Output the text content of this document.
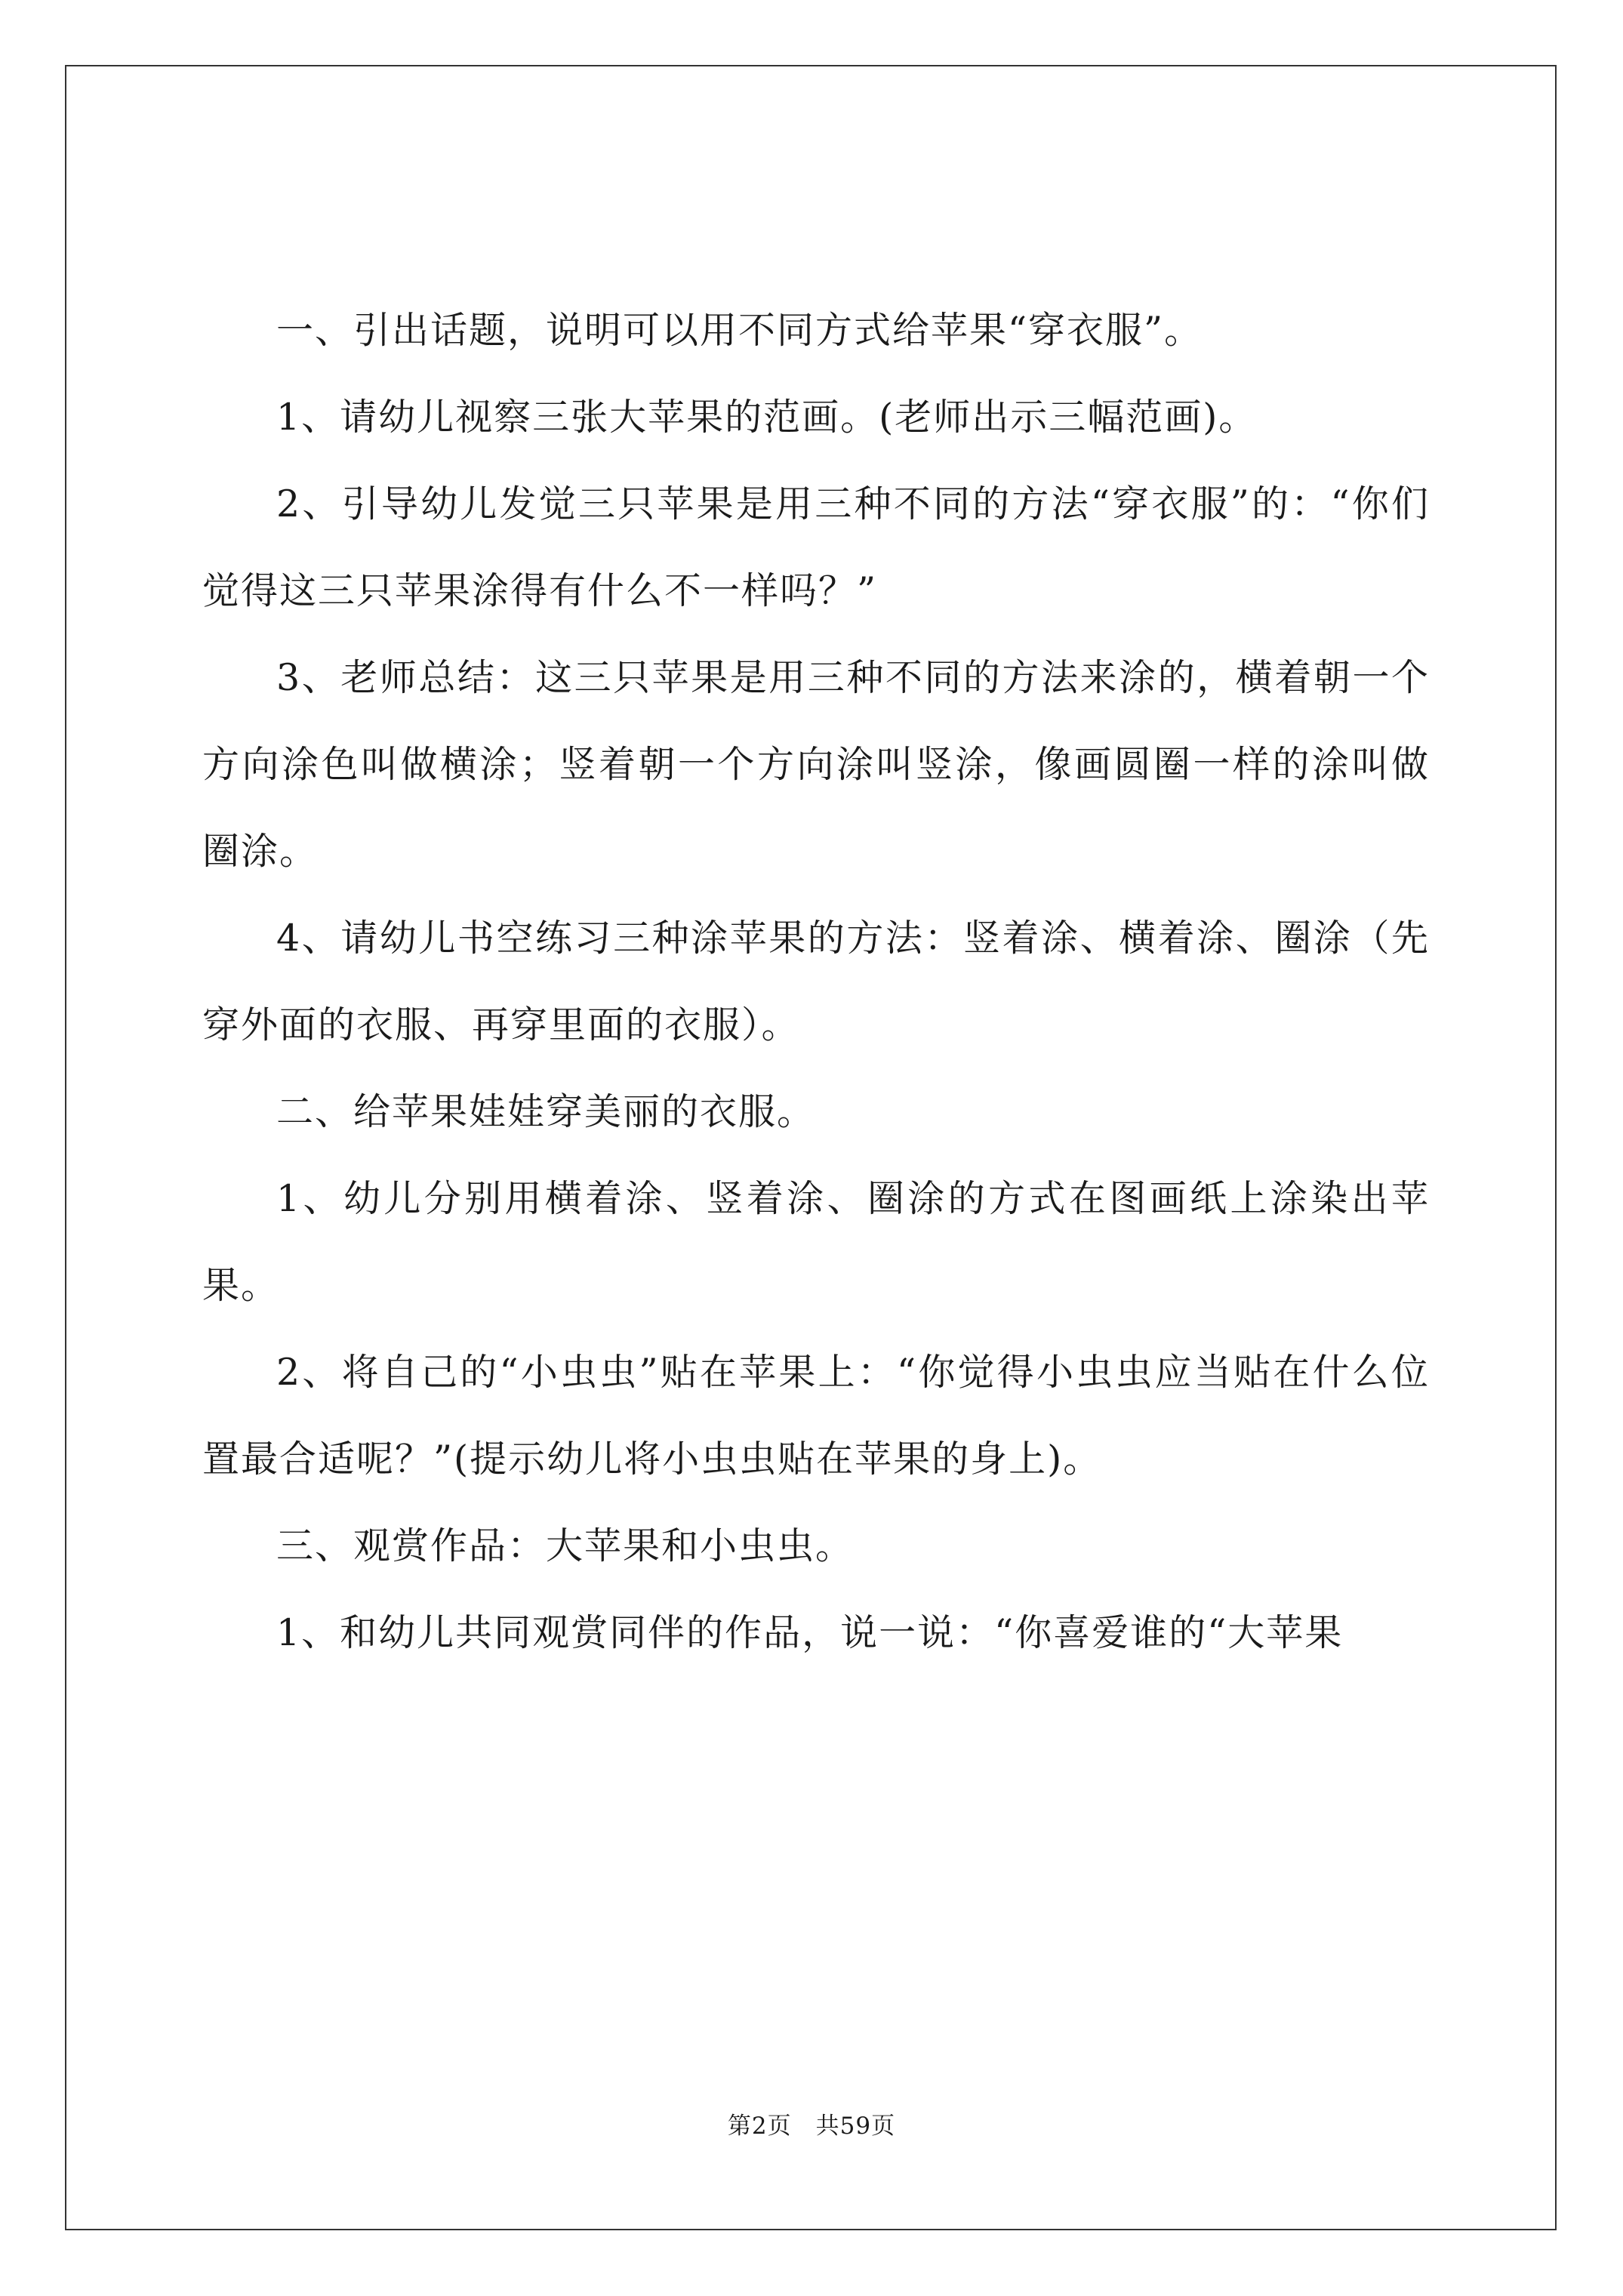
一、引出话题，说明可以用不同方式给苹果“穿衣服”。

1、请幼儿视察三张大苹果的范画。(老师出示三幅范画)。

2、引导幼儿发觉三只苹果是用三种不同的方法“穿衣服”的：“你们觉得这三只苹果涂得有什么不一样吗？”

3、老师总结：这三只苹果是用三种不同的方法来涂的，横着朝一个方向涂色叫做横涂；竖着朝一个方向涂叫竖涂，像画圆圈一样的涂叫做圈涂。

4、请幼儿书空练习三种涂苹果的方法：竖着涂、横着涂、圈涂（先穿外面的衣服、再穿里面的衣服）。

二、给苹果娃娃穿美丽的衣服。

1、幼儿分别用横着涂、竖着涂、圈涂的方式在图画纸上涂染出苹果。

2、将自己的“小虫虫”贴在苹果上：“你觉得小虫虫应当贴在什么位置最合适呢？”(提示幼儿将小虫虫贴在苹果的身上)。

三、观赏作品：大苹果和小虫虫。

1、和幼儿共同观赏同伴的作品，说一说：“你喜爱谁的“大苹果

第2页　共59页
